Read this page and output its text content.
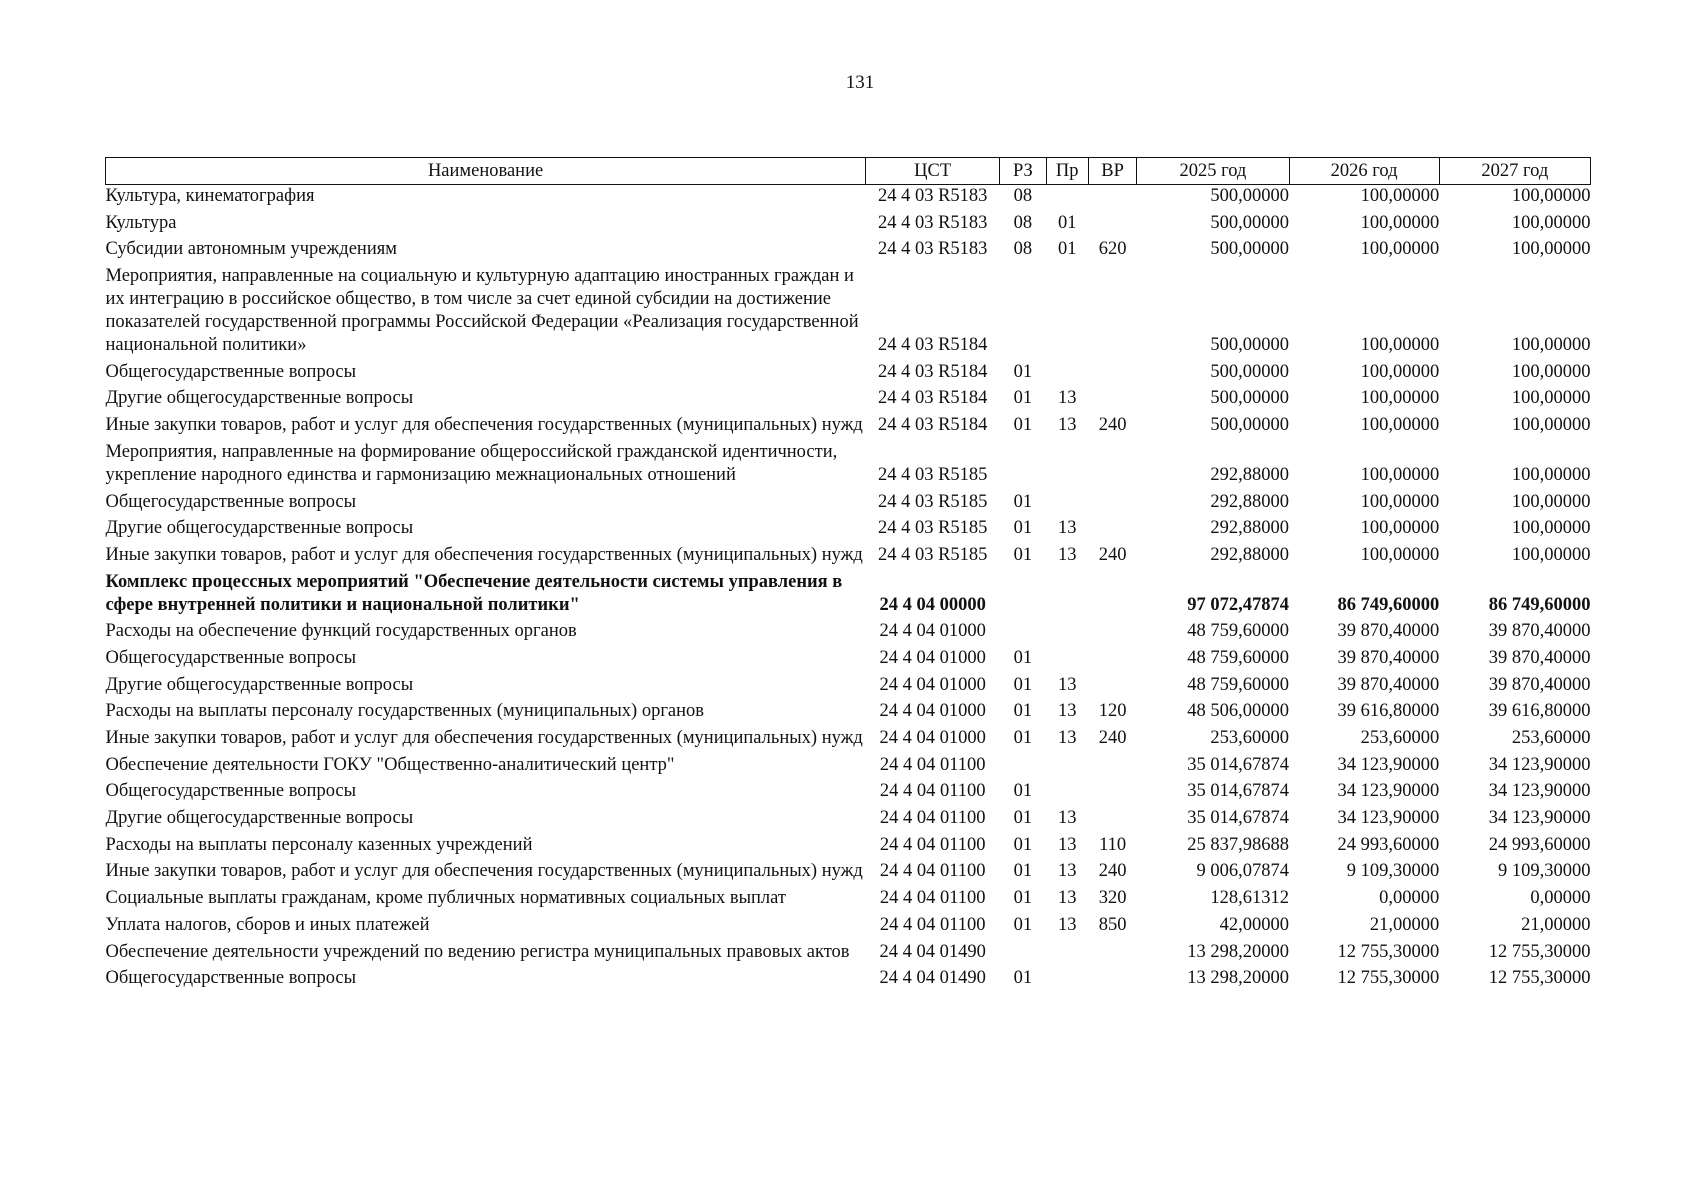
131
Наименование	ЦСТ	РЗ	Пр	ВР	2025 год	2026 год	2027 год
Культура, кинематография	24 4 03 R5183	08			500,00000	100,00000	100,00000
Культура	24 4 03 R5183	08	01		500,00000	100,00000	100,00000
Субсидии автономным учреждениям	24 4 03 R5183	08	01	620	500,00000	100,00000	100,00000
Мероприятия, направленные на социальную и культурную адаптацию иностранных граждан и их интеграцию в российское общество, в том числе за счет единой субсидии на достижение показателей государственной программы Российской Федерации «Реализация государственной национальной политики»	24 4 03 R5184				500,00000	100,00000	100,00000
Общегосударственные вопросы	24 4 03 R5184	01			500,00000	100,00000	100,00000
Другие общегосударственные вопросы	24 4 03 R5184	01	13		500,00000	100,00000	100,00000
Иные закупки товаров, работ и услуг для обеспечения государственных (муниципальных) нужд	24 4 03 R5184	01	13	240	500,00000	100,00000	100,00000
Мероприятия, направленные на формирование общероссийской гражданской идентичности, укрепление народного единства и гармонизацию межнациональных отношений	24 4 03 R5185				292,88000	100,00000	100,00000
Общегосударственные вопросы	24 4 03 R5185	01			292,88000	100,00000	100,00000
Другие общегосударственные вопросы	24 4 03 R5185	01	13		292,88000	100,00000	100,00000
Иные закупки товаров, работ и услуг для обеспечения государственных (муниципальных) нужд	24 4 03 R5185	01	13	240	292,88000	100,00000	100,00000
Комплекс процессных мероприятий "Обеспечение деятельности системы управления в сфере внутренней политики и национальной политики"	24 4 04 00000				97 072,47874	86 749,60000	86 749,60000
Расходы на обеспечение функций государственных органов	24 4 04 01000				48 759,60000	39 870,40000	39 870,40000
Общегосударственные вопросы	24 4 04 01000	01			48 759,60000	39 870,40000	39 870,40000
Другие общегосударственные вопросы	24 4 04 01000	01	13		48 759,60000	39 870,40000	39 870,40000
Расходы на выплаты персоналу государственных (муниципальных) органов	24 4 04 01000	01	13	120	48 506,00000	39 616,80000	39 616,80000
Иные закупки товаров, работ и услуг для обеспечения государственных (муниципальных) нужд	24 4 04 01000	01	13	240	253,60000	253,60000	253,60000
Обеспечение деятельности ГОКУ "Общественно-аналитический центр"	24 4 04 01100				35 014,67874	34 123,90000	34 123,90000
Общегосударственные вопросы	24 4 04 01100	01			35 014,67874	34 123,90000	34 123,90000
Другие общегосударственные вопросы	24 4 04 01100	01	13		35 014,67874	34 123,90000	34 123,90000
Расходы на выплаты персоналу казенных учреждений	24 4 04 01100	01	13	110	25 837,98688	24 993,60000	24 993,60000
Иные закупки товаров, работ и услуг для обеспечения государственных (муниципальных) нужд	24 4 04 01100	01	13	240	9 006,07874	9 109,30000	9 109,30000
Социальные выплаты гражданам, кроме публичных нормативных социальных выплат	24 4 04 01100	01	13	320	128,61312	0,00000	0,00000
Уплата налогов, сборов и иных платежей	24 4 04 01100	01	13	850	42,00000	21,00000	21,00000
Обеспечение деятельности учреждений по ведению регистра муниципальных правовых актов	24 4 04 01490				13 298,20000	12 755,30000	12 755,30000
Общегосударственные вопросы	24 4 04 01490	01			13 298,20000	12 755,30000	12 755,30000
